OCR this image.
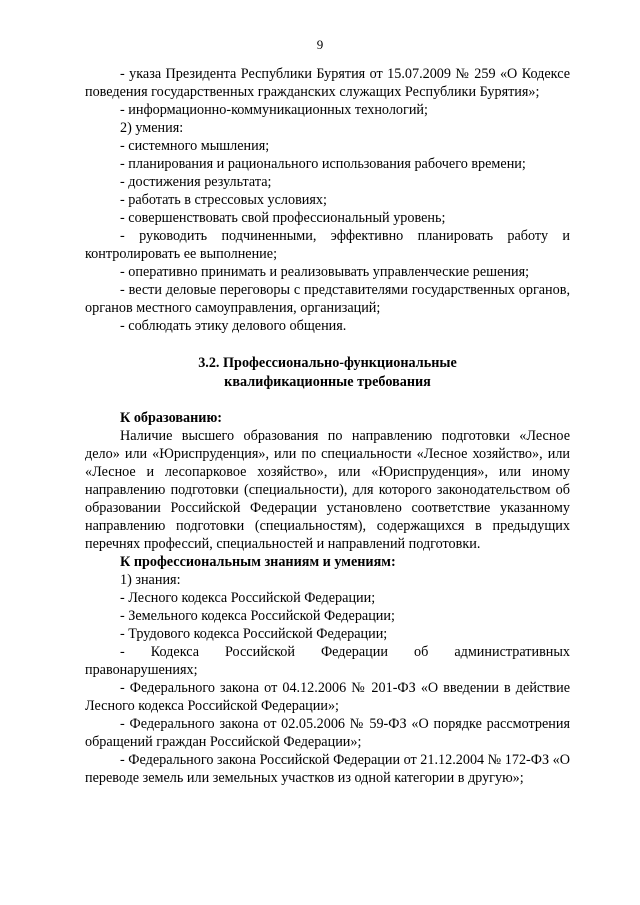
9

- указа Президента Республики Бурятия от 15.07.2009 № 259 «О Кодексе поведения государственных гражданских служащих Республики Бурятия»;

- информационно-коммуникационных технологий;

2) умения:

- системного мышления;

- планирования и рационального использования рабочего времени;

- достижения результата;

- работать в стрессовых условиях;

- совершенствовать свой профессиональный уровень;

- руководить подчиненными, эффективно планировать работу и контролировать ее выполнение;

- оперативно принимать и реализовывать управленческие решения;

- вести деловые переговоры с представителями государственных органов, органов местного самоуправления, организаций;

- соблюдать этику делового общения.

3.2. Профессионально-функциональные
квалификационные требования

К образованию:

Наличие высшего образования по направлению подготовки «Лесное дело» или «Юриспруденция», или по специальности «Лесное хозяйство», или «Лесное и лесопарковое хозяйство», или «Юриспруденция», или иному направлению подготовки (специальности), для которого законодательством об образовании Российской Федерации установлено соответствие указанному направлению подготовки (специальностям), содержащихся в предыдущих перечнях профессий, специальностей и направлений подготовки.

К профессиональным знаниям и умениям:

1) знания:

- Лесного кодекса Российской Федерации;

- Земельного кодекса Российской Федерации;

- Трудового кодекса Российской Федерации;

- Кодекса Российской Федерации об административных правонарушениях;

- Федерального закона от 04.12.2006 № 201-ФЗ «О введении в действие Лесного кодекса Российской Федерации»;

- Федерального закона от 02.05.2006 № 59-ФЗ «О порядке рассмотрения обращений граждан Российской Федерации»;

- Федерального закона Российской Федерации от 21.12.2004 № 172-ФЗ «О переводе земель или земельных участков из одной категории в другую»;
